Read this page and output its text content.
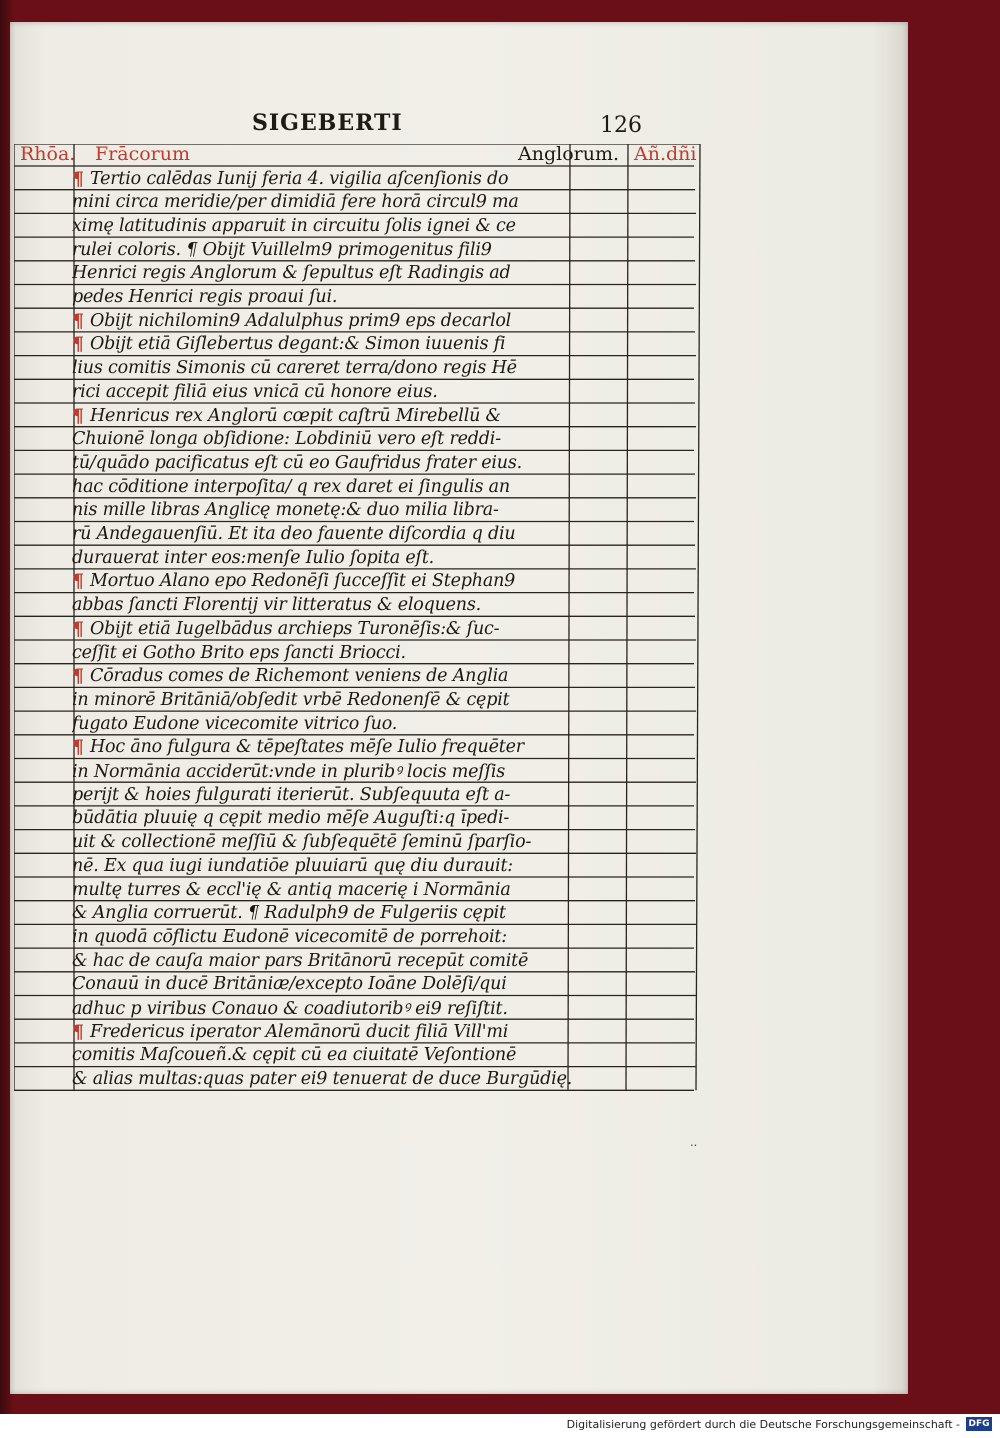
SIGEBERTI	126
Rhōa. Frācorum	Anglorum. Añ.dñi
¶ Tertio calēdas Iunij feria 4. vigilia aſcenſionis do
mini circa meridie/per dimidiā fere horā circul9 ma
ximę latitudinis apparuit in circuitu ſolis ignei & ce
rulei coloris. ¶ Obijt Vuillelm9 primogenitus fili9
Henrici regis Anglorum & ſepultus eſt Radingis ad
pedes Henrici regis proaui ſui.
¶ Obijt nichilomin9 Adalulphus prim9 eps decarlol
¶ Obijt etiā Giſlebertus degant:& Simon iuuenis fi
lius comitis Simonis cū careret terra/dono regis Hē
rici accepit filiā eius vnicā cū honore eius.
¶ Henricus rex Anglorū cœpit caſtrū Mirebellū &
Chuionē longa obſidione: Lobdiniū vero eſt reddi-
tū/quādo pacificatus eſt cū eo Gaufridus frater eius.
hac cōditione interpoſita/ q rex daret ei ſingulis an
nis mille libras Anglicę monetę:& duo milia libra-
rū Andegauenſiū. Et ita deo fauente diſcordia q diu
durauerat inter eos:menſe Iulio ſopita eſt.
¶ Mortuo Alano epo Redonēſi ſucceſſit ei Stephan9
abbas ſancti Florentij vir litteratus & eloquens.
¶ Obijt etiā Iugelbādus archieps Turonēſis:& ſuc-
ceſſit ei Gotho Brito eps ſancti Briocci.
¶ Cōradus comes de Richemont veniens de Anglia
in minorē Britāniā/obſedit vrbē Redonenſē & cępit
fugato Eudone vicecomite vitrico ſuo.
¶ Hoc āno fulgura & tēpeſtates mēſe Iulio frequēter
in Normānia acciderūt:vnde in pluribꝰ locis meſſis
perijt & hoies fulgurati iterierūt. Subſequuta eſt a-
būdātia pluuię q cępit medio mēſe Auguſti:q īpedi-
uit & collectionē meſſiū & ſubſequētē ſeminū ſparſio-
nē. Ex qua iugi iundatiōe pluuiarū quę diu durauit:
multę turres & eccl'ię & antiq macerię i Normānia
& Anglia corruerūt. ¶ Radulph9 de Fulgeriis cępit
in quodā cōflictu Eudonē vicecomitē de porrehoit:
& hac de cauſa maior pars Britānorū recepūt comitē
Conauū in ducē Britāniæ/excepto Ioāne Dolēſi/qui
adhuc p viribus Conauo & coadiutoribꝰ ei9 reſiſtit.
¶ Fredericus iperator Alemānorū ducit filiā Vill'mi
comitis Maſcoueñ.& cępit cū ea ciuitatē Veſontionē
& alias multas:quas pater ei9 tenuerat de duce Burgūdię.
‥
Digitalisierung gefördert durch die Deutsche Forschungsgemeinschaft - DFG
